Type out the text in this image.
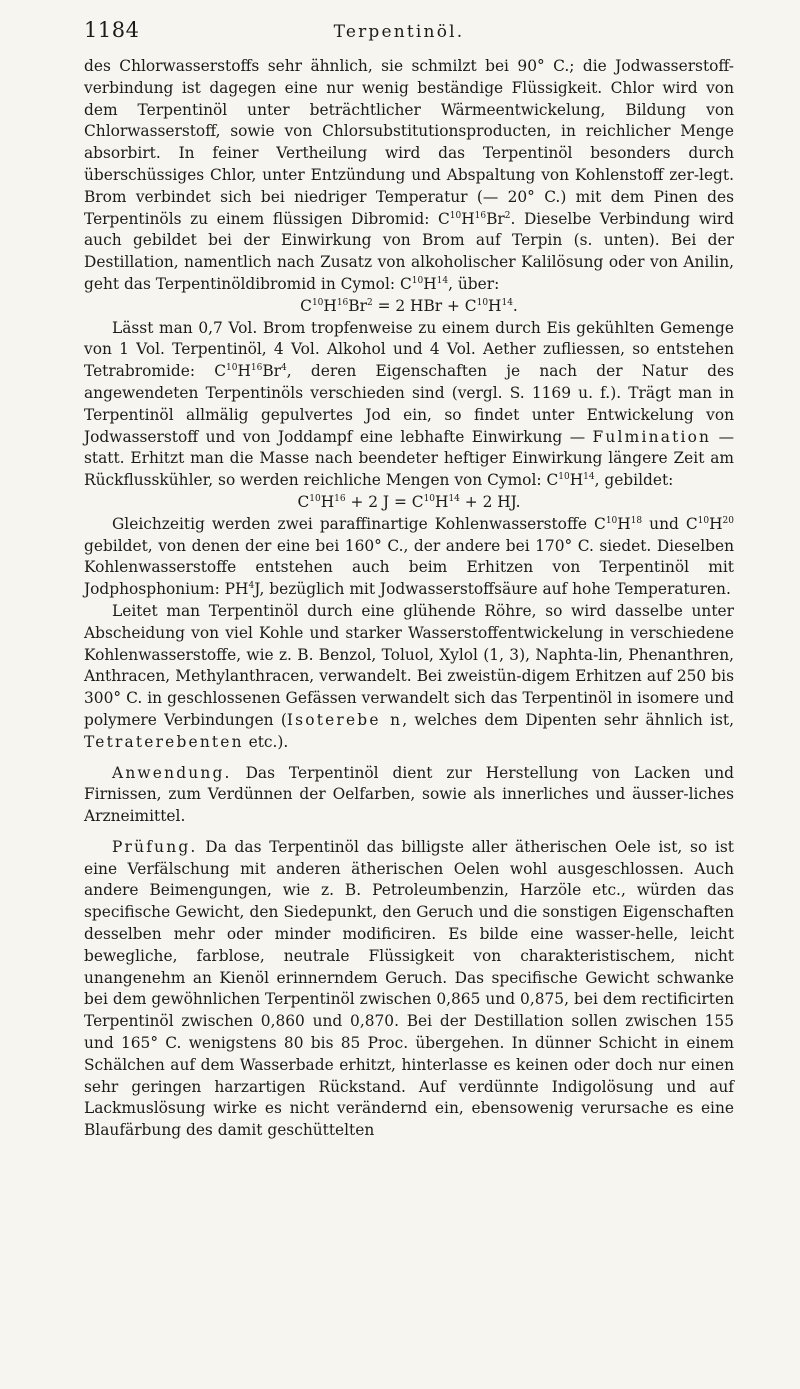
1184	Terpentinöl.

des Chlorwasserstoffs sehr ähnlich, sie schmilzt bei 90° C.; die Jodwasserstoff-verbindung ist dagegen eine nur wenig beständige Flüssigkeit. Chlor wird von dem Terpentinöl unter beträchtlicher Wärmeentwickelung, Bildung von Chlorwasserstoff, sowie von Chlorsubstitutionsproducten, in reichlicher Menge absorbirt. In feiner Vertheilung wird das Terpentinöl besonders durch überschüssiges Chlor, unter Entzündung und Abspaltung von Kohlenstoff zer-legt. Brom verbindet sich bei niedriger Temperatur (— 20° C.) mit dem Pinen des Terpentinöls zu einem flüssigen Dibromid: $C^{10}H^{16}Br^2$. Dieselbe Verbindung wird auch gebildet bei der Einwirkung von Brom auf Terpin (s. unten). Bei der Destillation, namentlich nach Zusatz von alkoholischer Kalilösung oder von Anilin, geht das Terpentinöldibromid in Cymol: $C^{10}H^{14}$, über:

$C^{10}H^{16}Br^2 = 2$ HBr + $C^{10}H^{14}$.

Lässt man 0,7 Vol. Brom tropfenweise zu einem durch Eis gekühlten Gemenge von 1 Vol. Terpentinöl, 4 Vol. Alkohol und 4 Vol. Aether zufliessen, so entstehen Tetrabromide: $C^{10}H^{16}Br^4$, deren Eigenschaften je nach der Natur des angewendeten Terpentinöls verschieden sind (vergl. S. 1169 u. f.). Trägt man in Terpentinöl allmälig gepulvertes Jod ein, so findet unter Entwickelung von Jodwasserstoff und von Joddampf eine lebhafte Einwirkung — Fulmination — statt. Erhitzt man die Masse nach beendeter heftiger Einwirkung längere Zeit am Rückflusskühler, so werden reichliche Mengen von Cymol: $C^{10}H^{14}$, gebildet:

$C^{10}H^{16} + 2$ $J = C^{10}H^{14} + 2$ HJ.

Gleichzeitig werden zwei paraffinartige Kohlenwasserstoffe $C^{10}H^{18}$ und $C^{10}H^{20}$ gebildet, von denen der eine bei 160° C., der andere bei 170° C. siedet. Dieselben Kohlenwasserstoffe entstehen auch beim Erhitzen von Terpentinöl mit Jodphosphonium: $PH^4J$, bezüglich mit Jodwasserstoffsäure auf hohe Temperaturen.

Leitet man Terpentinöl durch eine glühende Röhre, so wird dasselbe unter Abscheidung von viel Kohle und starker Wasserstoffentwickelung in verschiedene Kohlenwasserstoffe, wie z. B. Benzol, Toluol, Xylol (1, 3), Naphta-lin, Phenanthren, Anthracen, Methylanthracen, verwandelt. Bei zweistün-digem Erhitzen auf 250 bis 300° C. in geschlossenen Gefässen verwandelt sich das Terpentinöl in isomere und polymere Verbindungen (Isoterebe n, welches dem Dipenten sehr ähnlich ist, Tetraterebenten etc.).

Anwendung. Das Terpentinöl dient zur Herstellung von Lacken und Firnissen, zum Verdünnen der Oelfarben, sowie als innerliches und äusser-liches Arzneimittel.

Prüfung. Da das Terpentinöl das billigste aller ätherischen Oele ist, so ist eine Verfälschung mit anderen ätherischen Oelen wohl ausgeschlossen. Auch andere Beimengungen, wie z. B. Petroleumbenzin, Harzöle etc., würden das specifische Gewicht, den Siedepunkt, den Geruch und die sonstigen Eigenschaften desselben mehr oder minder modificiren. Es bilde eine wasser-helle, leicht bewegliche, farblose, neutrale Flüssigkeit von charakteristischem, nicht unangenehm an Kienöl erinnerndem Geruch. Das specifische Gewicht schwanke bei dem gewöhnlichen Terpentinöl zwischen 0,865 und 0,875, bei dem rectificirten Terpentinöl zwischen 0,860 und 0,870. Bei der Destillation sollen zwischen 155 und 165° C. wenigstens 80 bis 85 Proc. übergehen. In dünner Schicht in einem Schälchen auf dem Wasserbade erhitzt, hinterlasse es keinen oder doch nur einen sehr geringen harzartigen Rückstand. Auf verdünnte Indigolösung und auf Lackmuslösung wirke es nicht verändernd ein, ebensowenig verursache es eine Blaufärbung des damit geschüttelten
